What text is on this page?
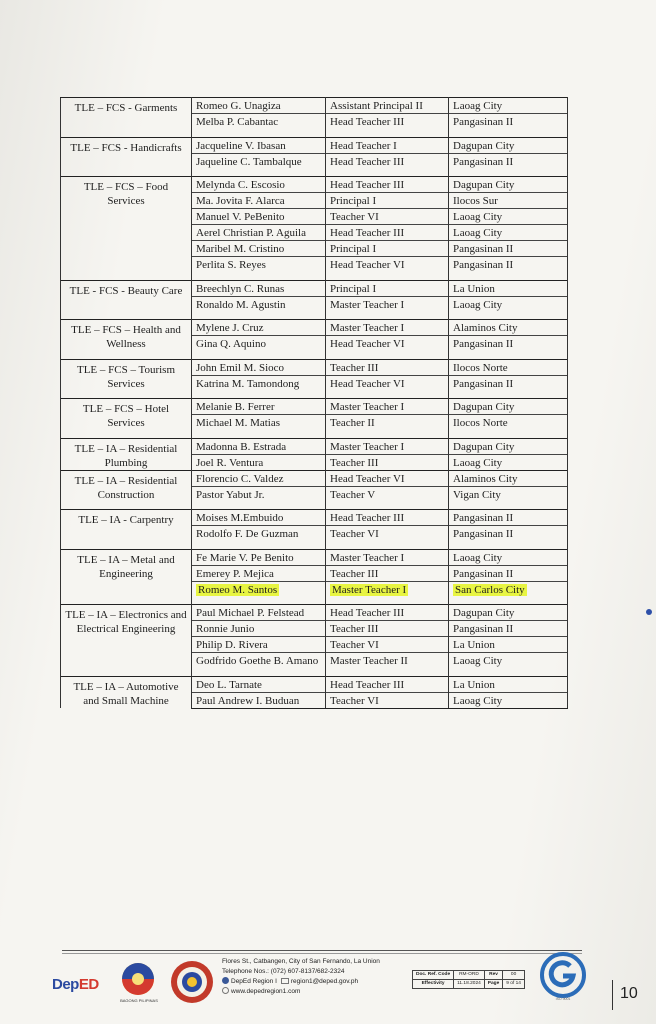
TLE – FCS - Garments	Romeo G. Unagiza	Assistant Principal II	Laoag City
	Melba P. Cabantac	Head Teacher III	Pangasinan II

TLE – FCS - Handicrafts	Jacqueline V. Ibasan	Head Teacher I	Dagupan City
	Jaqueline C. Tambalque	Head Teacher III	Pangasinan II

TLE – FCS – Food Services	Melynda C. Escosio	Head Teacher III	Dagupan City
	Ma. Jovita F. Alarca	Principal I	Ilocos Sur
	Manuel V. PeBenito	Teacher VI	Laoag City
	Aerel Christian P. Aguila	Head Teacher III	Laoag City
	Maribel M. Cristino	Principal I	Pangasinan II
	Perlita S. Reyes	Head Teacher VI	Pangasinan II

TLE - FCS - Beauty Care	Breechlyn C. Runas	Principal I	La Union
	Ronaldo M. Agustin	Master Teacher I	Laoag City

TLE – FCS – Health and Wellness	Mylene J. Cruz	Master Teacher I	Alaminos City
	Gina Q. Aquino	Head Teacher VI	Pangasinan II

TLE – FCS – Tourism Services	John Emil M. Sioco	Teacher III	Ilocos Norte
	Katrina M. Tamondong	Head Teacher VI	Pangasinan II

TLE – FCS – Hotel Services	Melanie B. Ferrer	Master Teacher I	Dagupan City
	Michael M. Matias	Teacher II	Ilocos Norte

TLE – IA – Residential Plumbing	Madonna B. Estrada	Master Teacher I	Dagupan City
	Joel R. Ventura	Teacher III	Laoag City

TLE – IA – Residential Construction	Florencio C. Valdez	Head Teacher VI	Alaminos City
	Pastor Yabut Jr.	Teacher V	Vigan City

TLE – IA - Carpentry	Moises M.Embuido	Head Teacher III	Pangasinan II
	Rodolfo F. De Guzman	Teacher VI	Pangasinan II

TLE – IA – Metal and Engineering	Fe Marie V. Pe Benito	Master Teacher I	Laoag City
	Emerey P. Mejica	Teacher III	Pangasinan II
	Romeo M. Santos	Master Teacher I	San Carlos City

TLE – IA – Electronics and Electrical Engineering	Paul Michael P. Felstead	Head Teacher III	Dagupan City
	Ronnie Junio	Teacher III	Pangasinan II
	Philip D. Rivera	Teacher VI	La Union
	Godfrido Goethe B. Amano	Master Teacher II	Laoag City

TLE – IA – Automotive and Small Machine	Deo L. Tarnate	Head Teacher III	La Union
	Paul Andrew I. Buduan	Teacher VI	Laoag City
DepED
BAGONG PILIPINAS
Flores St., Catbangen, City of San Fernando, La Union
Telephone Nos.: (072) 607-8137/682-2324
DepEd Region I region1@deped.gov.ph
www.depedregion1.com
Doc. Ref. Code	RM-ORD	Rev	00
Effectivity	11.18.2024	Page	9 of 14
ISO 9001	10
